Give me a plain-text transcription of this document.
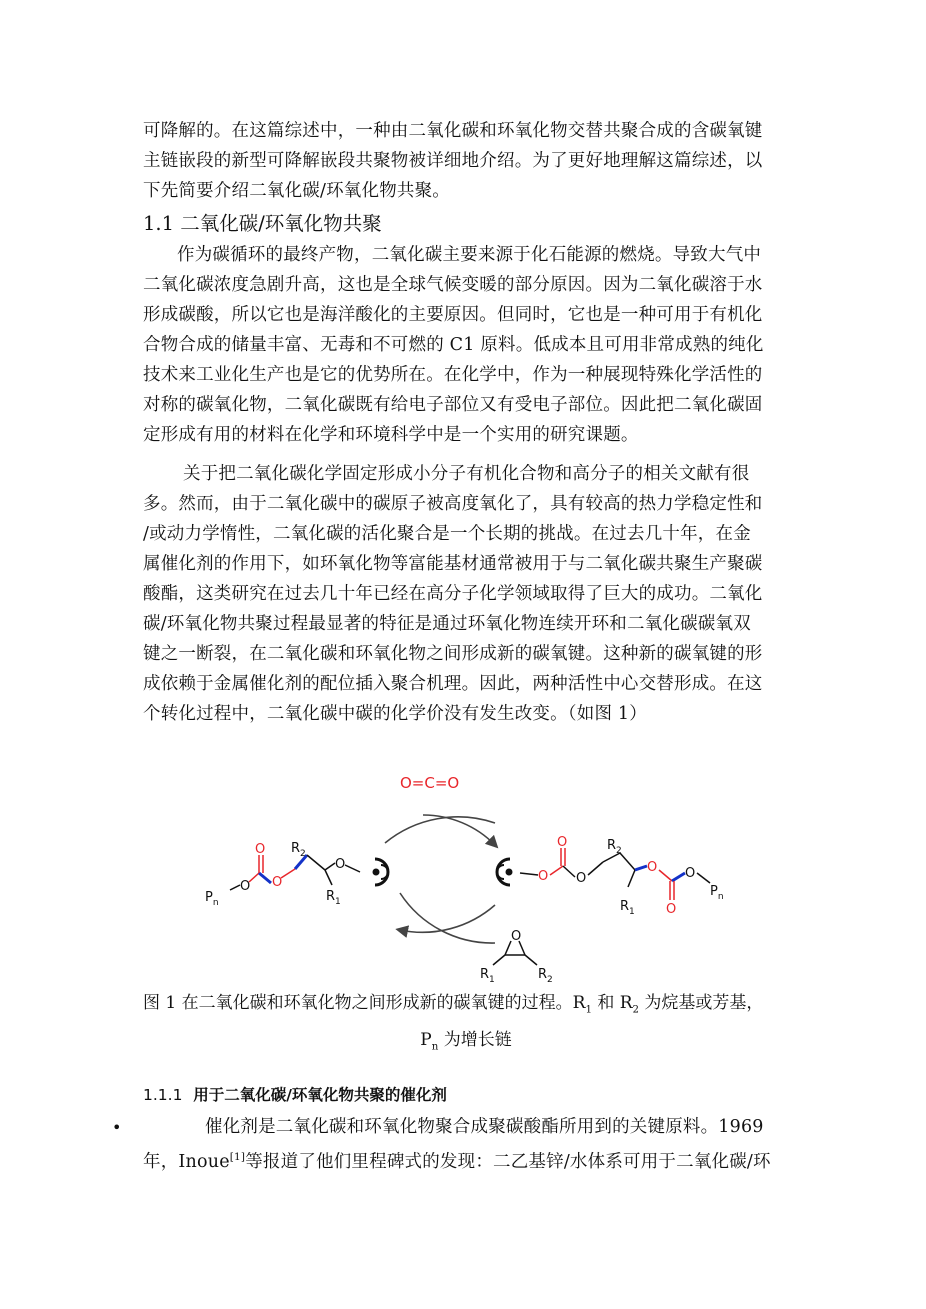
可降解的。在这篇综述中，一种由二氧化碳和环氧化物交替共聚合成的含碳氧键
主链嵌段的新型可降解嵌段共聚物被详细地介绍。为了更好地理解这篇综述，以
下先简要介绍二氧化碳/环氧化物共聚。

1.1 二氧化碳/环氧化物共聚

作为碳循环的最终产物，二氧化碳主要来源于化石能源的燃烧。导致大气中
二氧化碳浓度急剧升高，这也是全球气候变暖的部分原因。因为二氧化碳溶于水
形成碳酸，所以它也是海洋酸化的主要原因。但同时，它也是一种可用于有机化
合物合成的储量丰富、无毒和不可燃的 C1 原料。低成本且可用非常成熟的纯化
技术来工业化生产也是它的优势所在。在化学中，作为一种展现特殊化学活性的
对称的碳氧化物，二氧化碳既有给电子部位又有受电子部位。因此把二氧化碳固
定形成有用的材料在化学和环境科学中是一个实用的研究课题。

关于把二氧化碳化学固定形成小分子有机化合物和高分子的相关文献有很
多。然而，由于二氧化碳中的碳原子被高度氧化了，具有较高的热力学稳定性和
/或动力学惰性，二氧化碳的活化聚合是一个长期的挑战。在过去几十年，在金
属催化剂的作用下，如环氧化物等富能基材通常被用于与二氧化碳共聚生产聚碳
酸酯，这类研究在过去几十年已经在高分子化学领域取得了巨大的成功。二氧化
碳/环氧化物共聚过程最显著的特征是通过环氧化物连续开环和二氧化碳碳氧双
键之一断裂，在二氧化碳和环氧化物之间形成新的碳氧键。这种新的碳氧键的形
成依赖于金属催化剂的配位插入聚合机理。因此，两种活性中心交替形成。在这
个转化过程中，二氧化碳中碳的化学价没有发生改变。（如图 1）

O=C=O
$P_n$
O
O
O
O
$R_2$
$R_1$
O
O
O
O
O
O
$P_n$
$R_2$
$R_1$
O
$R_1$	$R_2$

图 1 在二氧化碳和环氧化物之间形成新的碳氧键的过程。$R_1$ 和 $R_2$ 为烷基或芳基，
$P_n$ 为增长链

1.1.1 用于二氧化碳/环氧化物共聚的催化剂
•	催化剂是二氧化碳和环氧化物聚合成聚碳酸酯所用到的关键原料。1969
年，Inoue[1]等报道了他们里程碑式的发现：二乙基锌/水体系可用于二氧化碳/环
